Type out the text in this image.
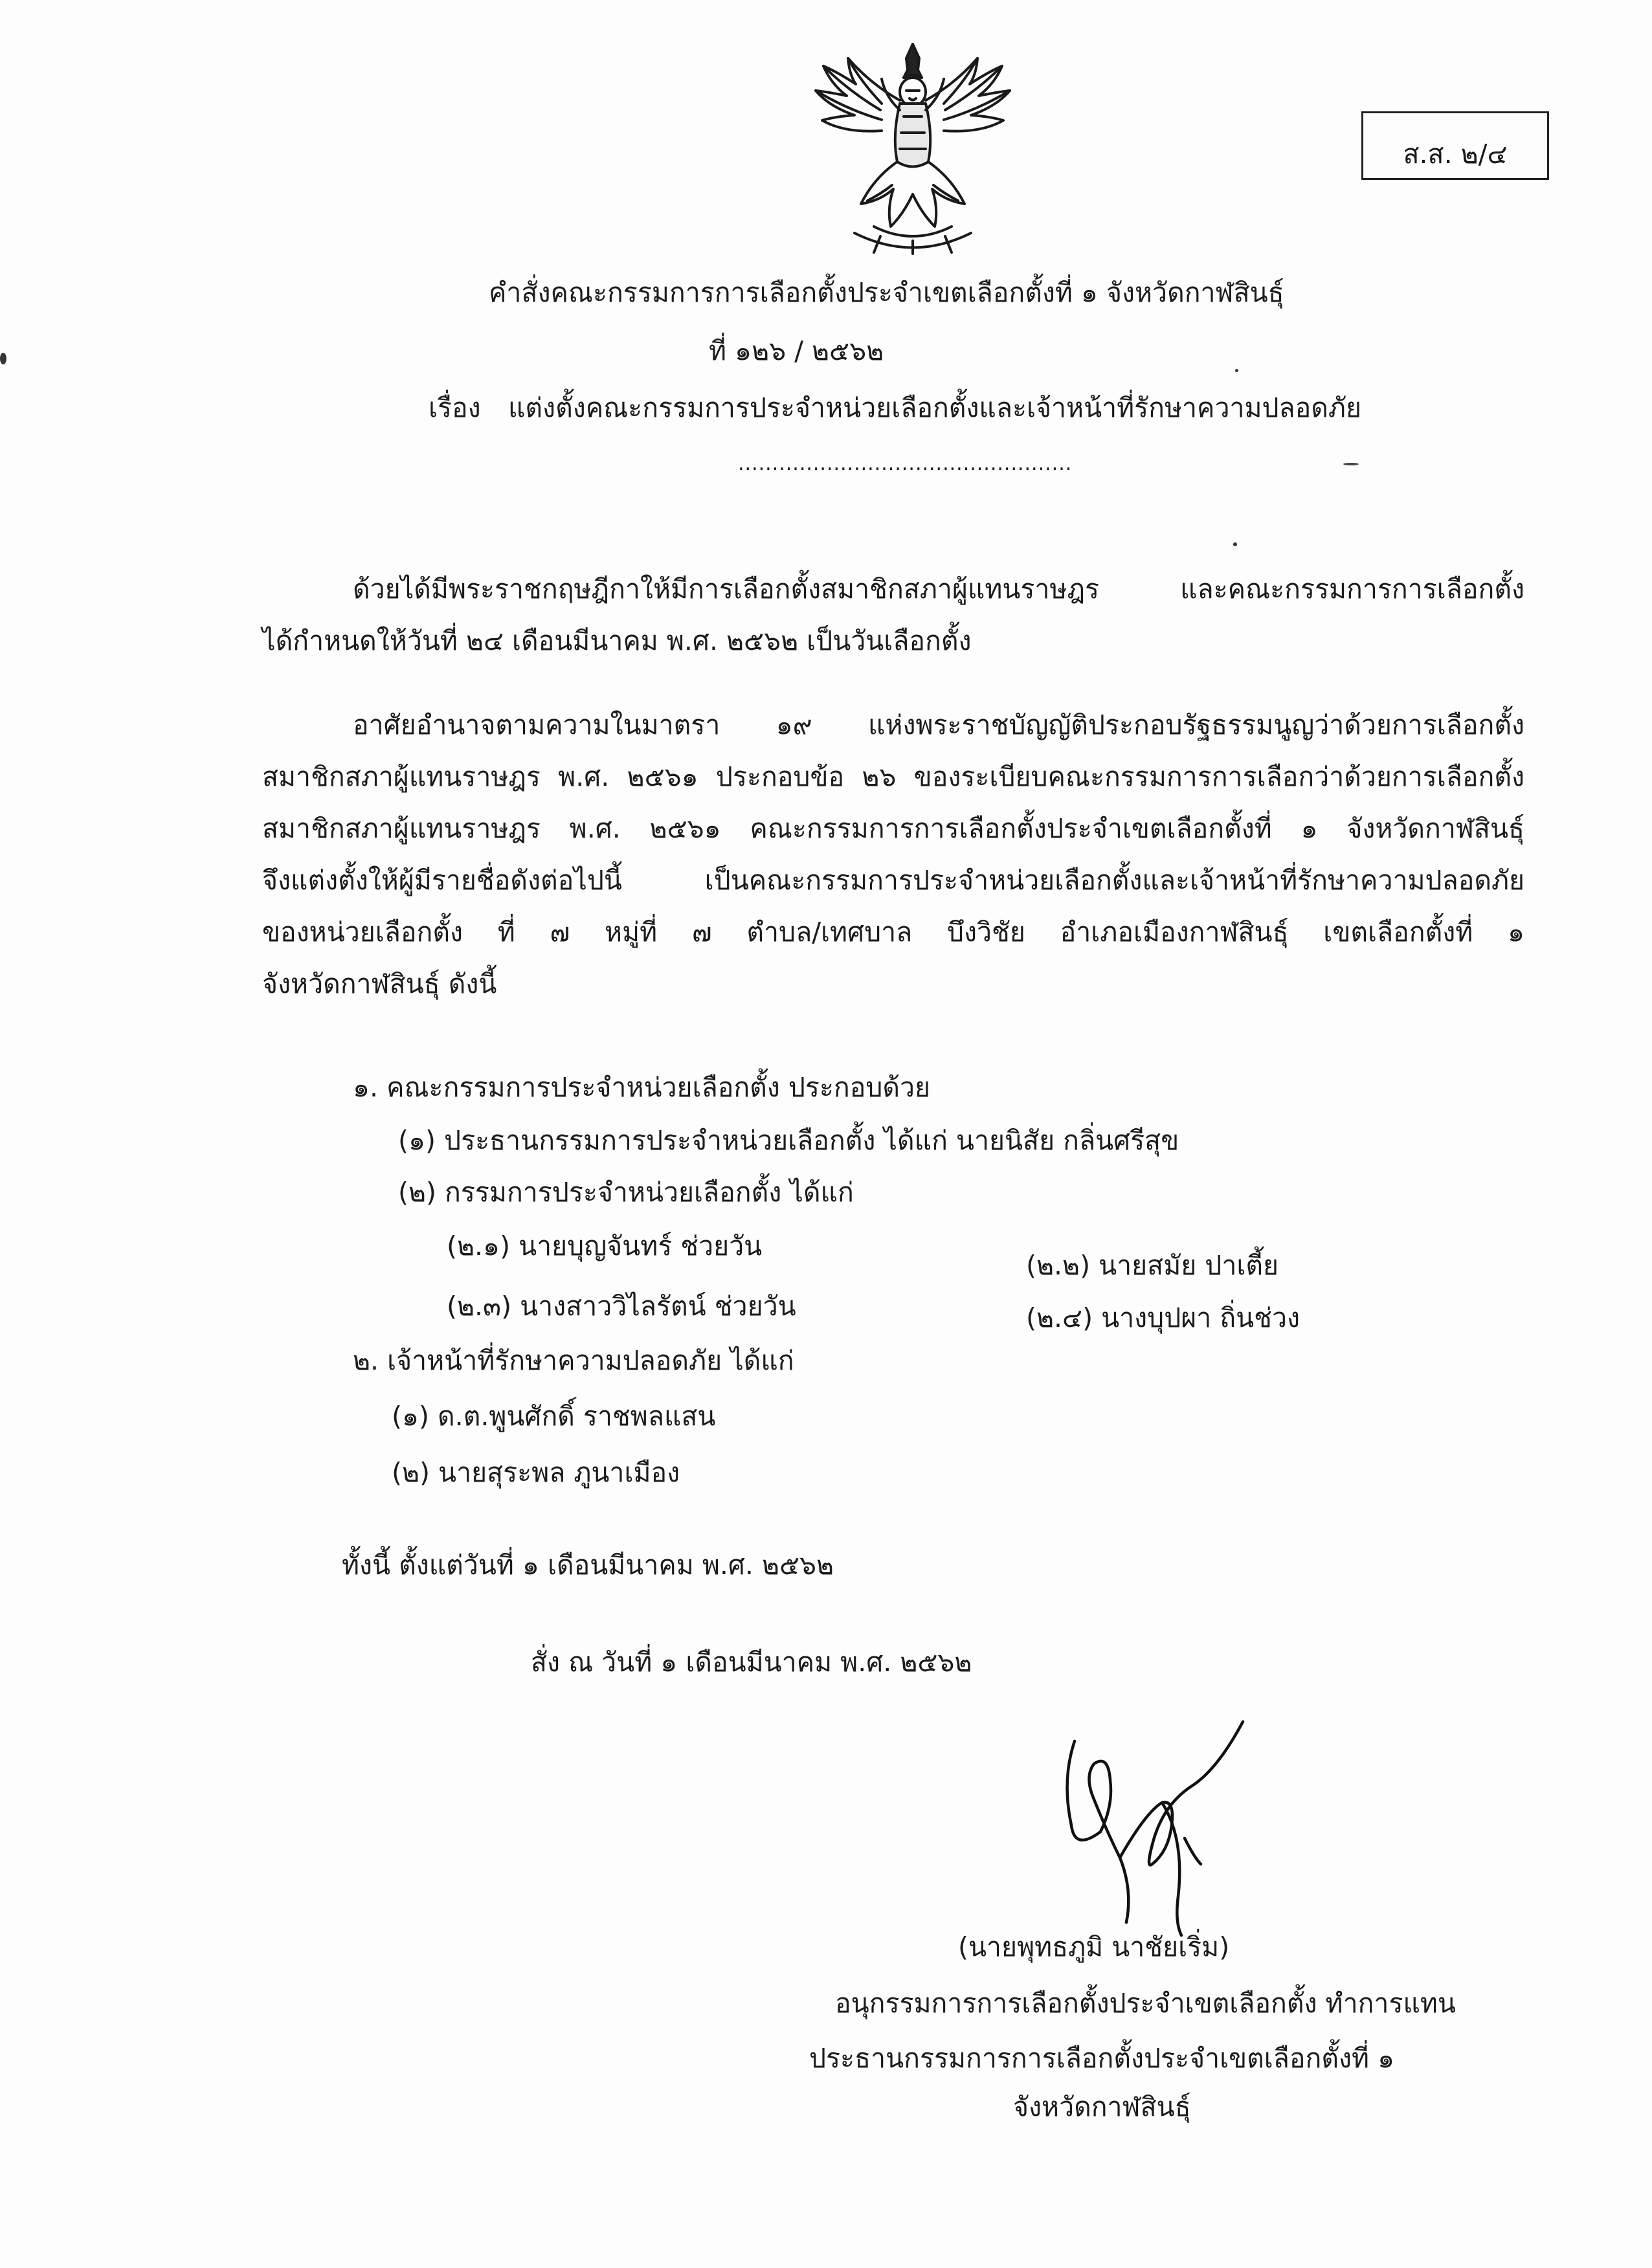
ส.ส. ๒/๔
คำสั่งคณะกรรมการการเลือกตั้งประจำเขตเลือกตั้งที่ ๑ จังหวัดกาฬสินธุ์
ที่ ๑๒๖ / ๒๕๖๒
เรื่อง แต่งตั้งคณะกรรมการประจำหน่วยเลือกตั้งและเจ้าหน้าที่รักษาความปลอดภัย
.................................................
ด้วยได้มีพระราชกฤษฎีกาให้มีการเลือกตั้งสมาชิกสภาผู้แทนราษฎร และคณะกรรมการการเลือกตั้ง
ได้กำหนดให้วันที่ ๒๔ เดือนมีนาคม พ.ศ. ๒๕๖๒ เป็นวันเลือกตั้ง
อาศัยอำนาจตามความในมาตรา ๑๙ แห่งพระราชบัญญัติประกอบรัฐธรรมนูญว่าด้วยการเลือกตั้ง
สมาชิกสภาผู้แทนราษฎร พ.ศ. ๒๕๖๑ ประกอบข้อ ๒๖ ของระเบียบคณะกรรมการการเลือกว่าด้วยการเลือกตั้ง
สมาชิกสภาผู้แทนราษฎร พ.ศ. ๒๕๖๑ คณะกรรมการการเลือกตั้งประจำเขตเลือกตั้งที่ ๑ จังหวัดกาฬสินธุ์
จึงแต่งตั้งให้ผู้มีรายชื่อดังต่อไปนี้ เป็นคณะกรรมการประจำหน่วยเลือกตั้งและเจ้าหน้าที่รักษาความปลอดภัย
ของหน่วยเลือกตั้ง ที่ ๗ หมู่ที่ ๗ ตำบล/เทศบาล บึงวิชัย อำเภอเมืองกาฬสินธุ์ เขตเลือกตั้งที่ ๑
จังหวัดกาฬสินธุ์ ดังนี้
๑. คณะกรรมการประจำหน่วยเลือกตั้ง ประกอบด้วย
(๑) ประธานกรรมการประจำหน่วยเลือกตั้ง ได้แก่ นายนิสัย กลิ่นศรีสุข
(๒) กรรมการประจำหน่วยเลือกตั้ง ได้แก่
(๒.๑) นายบุญจันทร์ ช่วยวัน
(๒.๒) นายสมัย ปาเตี้ย
(๒.๓) นางสาววิไลรัตน์ ช่วยวัน	(๒.๔) นางบุปผา ถิ่นช่วง
๒. เจ้าหน้าที่รักษาความปลอดภัย ได้แก่
(๑) ด.ต.พูนศักดิ์ ราชพลแสน
(๒) นายสุระพล ภูนาเมือง
ทั้งนี้ ตั้งแต่วันที่ ๑ เดือนมีนาคม พ.ศ. ๒๕๖๒
สั่ง ณ วันที่ ๑ เดือนมีนาคม พ.ศ. ๒๕๖๒
(นายพุทธภูมิ นาชัยเริ่ม)
อนุกรรมการการเลือกตั้งประจำเขตเลือกตั้ง ทำการแทน
ประธานกรรมการการเลือกตั้งประจำเขตเลือกตั้งที่ ๑
จังหวัดกาฬสินธุ์
